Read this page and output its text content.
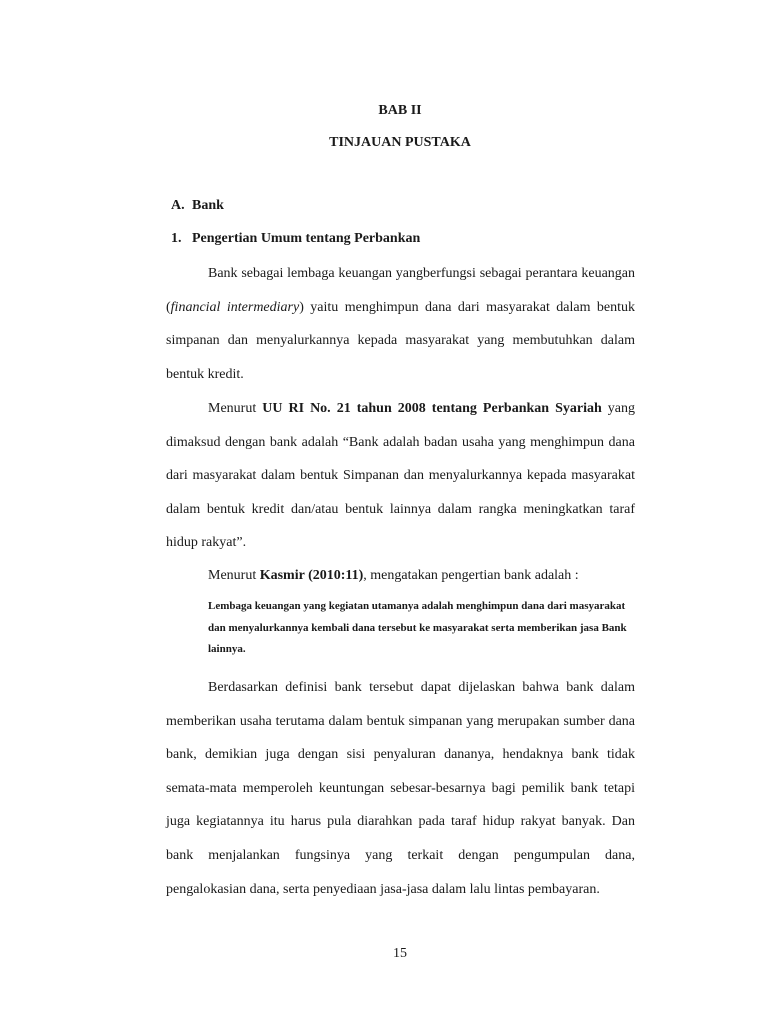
BAB II
TINJAUAN PUSTAKA
A. Bank
1. Pengertian Umum tentang Perbankan

Bank sebagai lembaga keuangan yangberfungsi sebagai perantara keuangan (financial intermediary) yaitu menghimpun dana dari masyarakat dalam bentuk simpanan dan menyalurkannya kepada masyarakat yang membutuhkan dalam bentuk kredit.

Menurut UU RI No. 21 tahun 2008 tentang Perbankan Syariah yang dimaksud dengan bank adalah “Bank adalah badan usaha yang menghimpun dana dari masyarakat dalam bentuk Simpanan dan menyalurkannya kepada masyarakat dalam bentuk kredit dan/atau bentuk lainnya dalam rangka meningkatkan taraf hidup rakyat”.

Menurut Kasmir (2010:11), mengatakan pengertian bank adalah :

Lembaga keuangan yang kegiatan utamanya adalah menghimpun dana dari masyarakat dan menyalurkannya kembali dana tersebut ke masyarakat serta memberikan jasa Bank lainnya.

Berdasarkan definisi bank tersebut dapat dijelaskan bahwa bank dalam memberikan usaha terutama dalam bentuk simpanan yang merupakan sumber dana bank, demikian juga dengan sisi penyaluran dananya, hendaknya bank tidak semata-mata memperoleh keuntungan sebesar-besarnya bagi pemilik bank tetapi juga kegiatannya itu harus pula diarahkan pada taraf hidup rakyat banyak. Dan bank menjalankan fungsinya yang terkait dengan pengumpulan dana, pengalokasian dana, serta penyediaan jasa-jasa dalam lalu lintas pembayaran.

15
